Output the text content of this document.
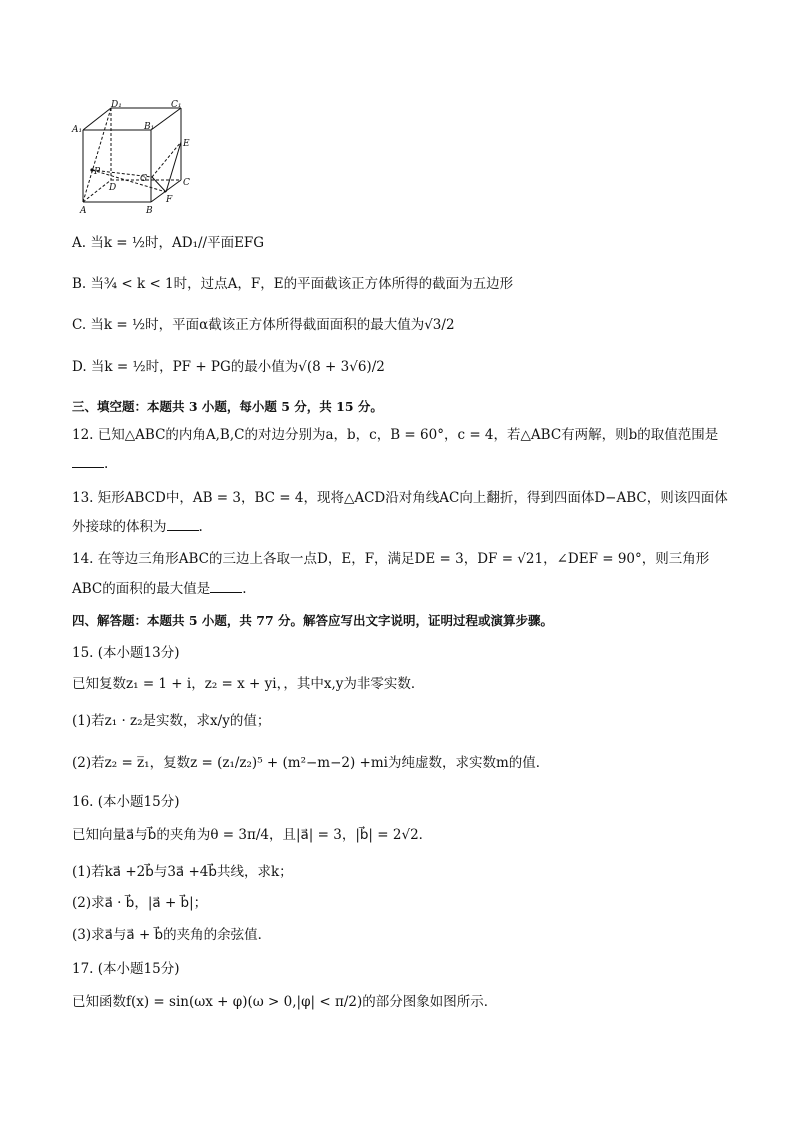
D₁	C₁
A₁	B₁
E
P
D
G	C
A	B
F
A. 当k = ½时，AD₁//平面EFG
B. 当¾ < k < 1时，过点A，F，E的平面截该正方体所得的截面为五边形
C. 当k = ½时，平面α截该正方体所得截面面积的最大值为√3/2
D. 当k = ½时，PF + PG的最小值为√(8 + 3√6)/2
三、填空题：本题共 3 小题，每小题 5 分，共 15 分。
12. 已知△ABC的内角A,B,C的对边分别为a，b，c，B = 60°，c = 4，若△ABC有两解，则b的取值范围是
.
13. 矩形ABCD中，AB = 3，BC = 4，现将△ACD沿对角线AC向上翻折，得到四面体D−ABC，则该四面体
外接球的体积为 .
14. 在等边三角形ABC的三边上各取一点D，E，F，满足DE = 3，DF = √21，∠DEF = 90°，则三角形
ABC的面积的最大值是 .
四、解答题：本题共 5 小题，共 77 分。解答应写出文字说明，证明过程或演算步骤。
15. (本小题13分)
已知复数z₁ = 1 + i，z₂ = x + yi，，其中x,y为非零实数．
(1)若z₁ · z₂是实数，求x/y的值；
(2)若z₂ = z̅₁，复数z = (z₁/z₂)⁵ + (m²−m−2) +mi为纯虚数，求实数m的值．
16. (本小题15分)
已知向量a⃗与b⃗的夹角为θ = 3π/4，且|a⃗| = 3，|b⃗| = 2√2．
(1)若ka⃗ +2b⃗与3a⃗ +4b⃗共线，求k；
(2)求a⃗ · b⃗，|a⃗ + b⃗|；
(3)求a⃗与a⃗ + b⃗的夹角的余弦值．
17. (本小题15分)
已知函数f(x) = sin(ωx + φ)(ω > 0,|φ| < π/2)的部分图象如图所示．
